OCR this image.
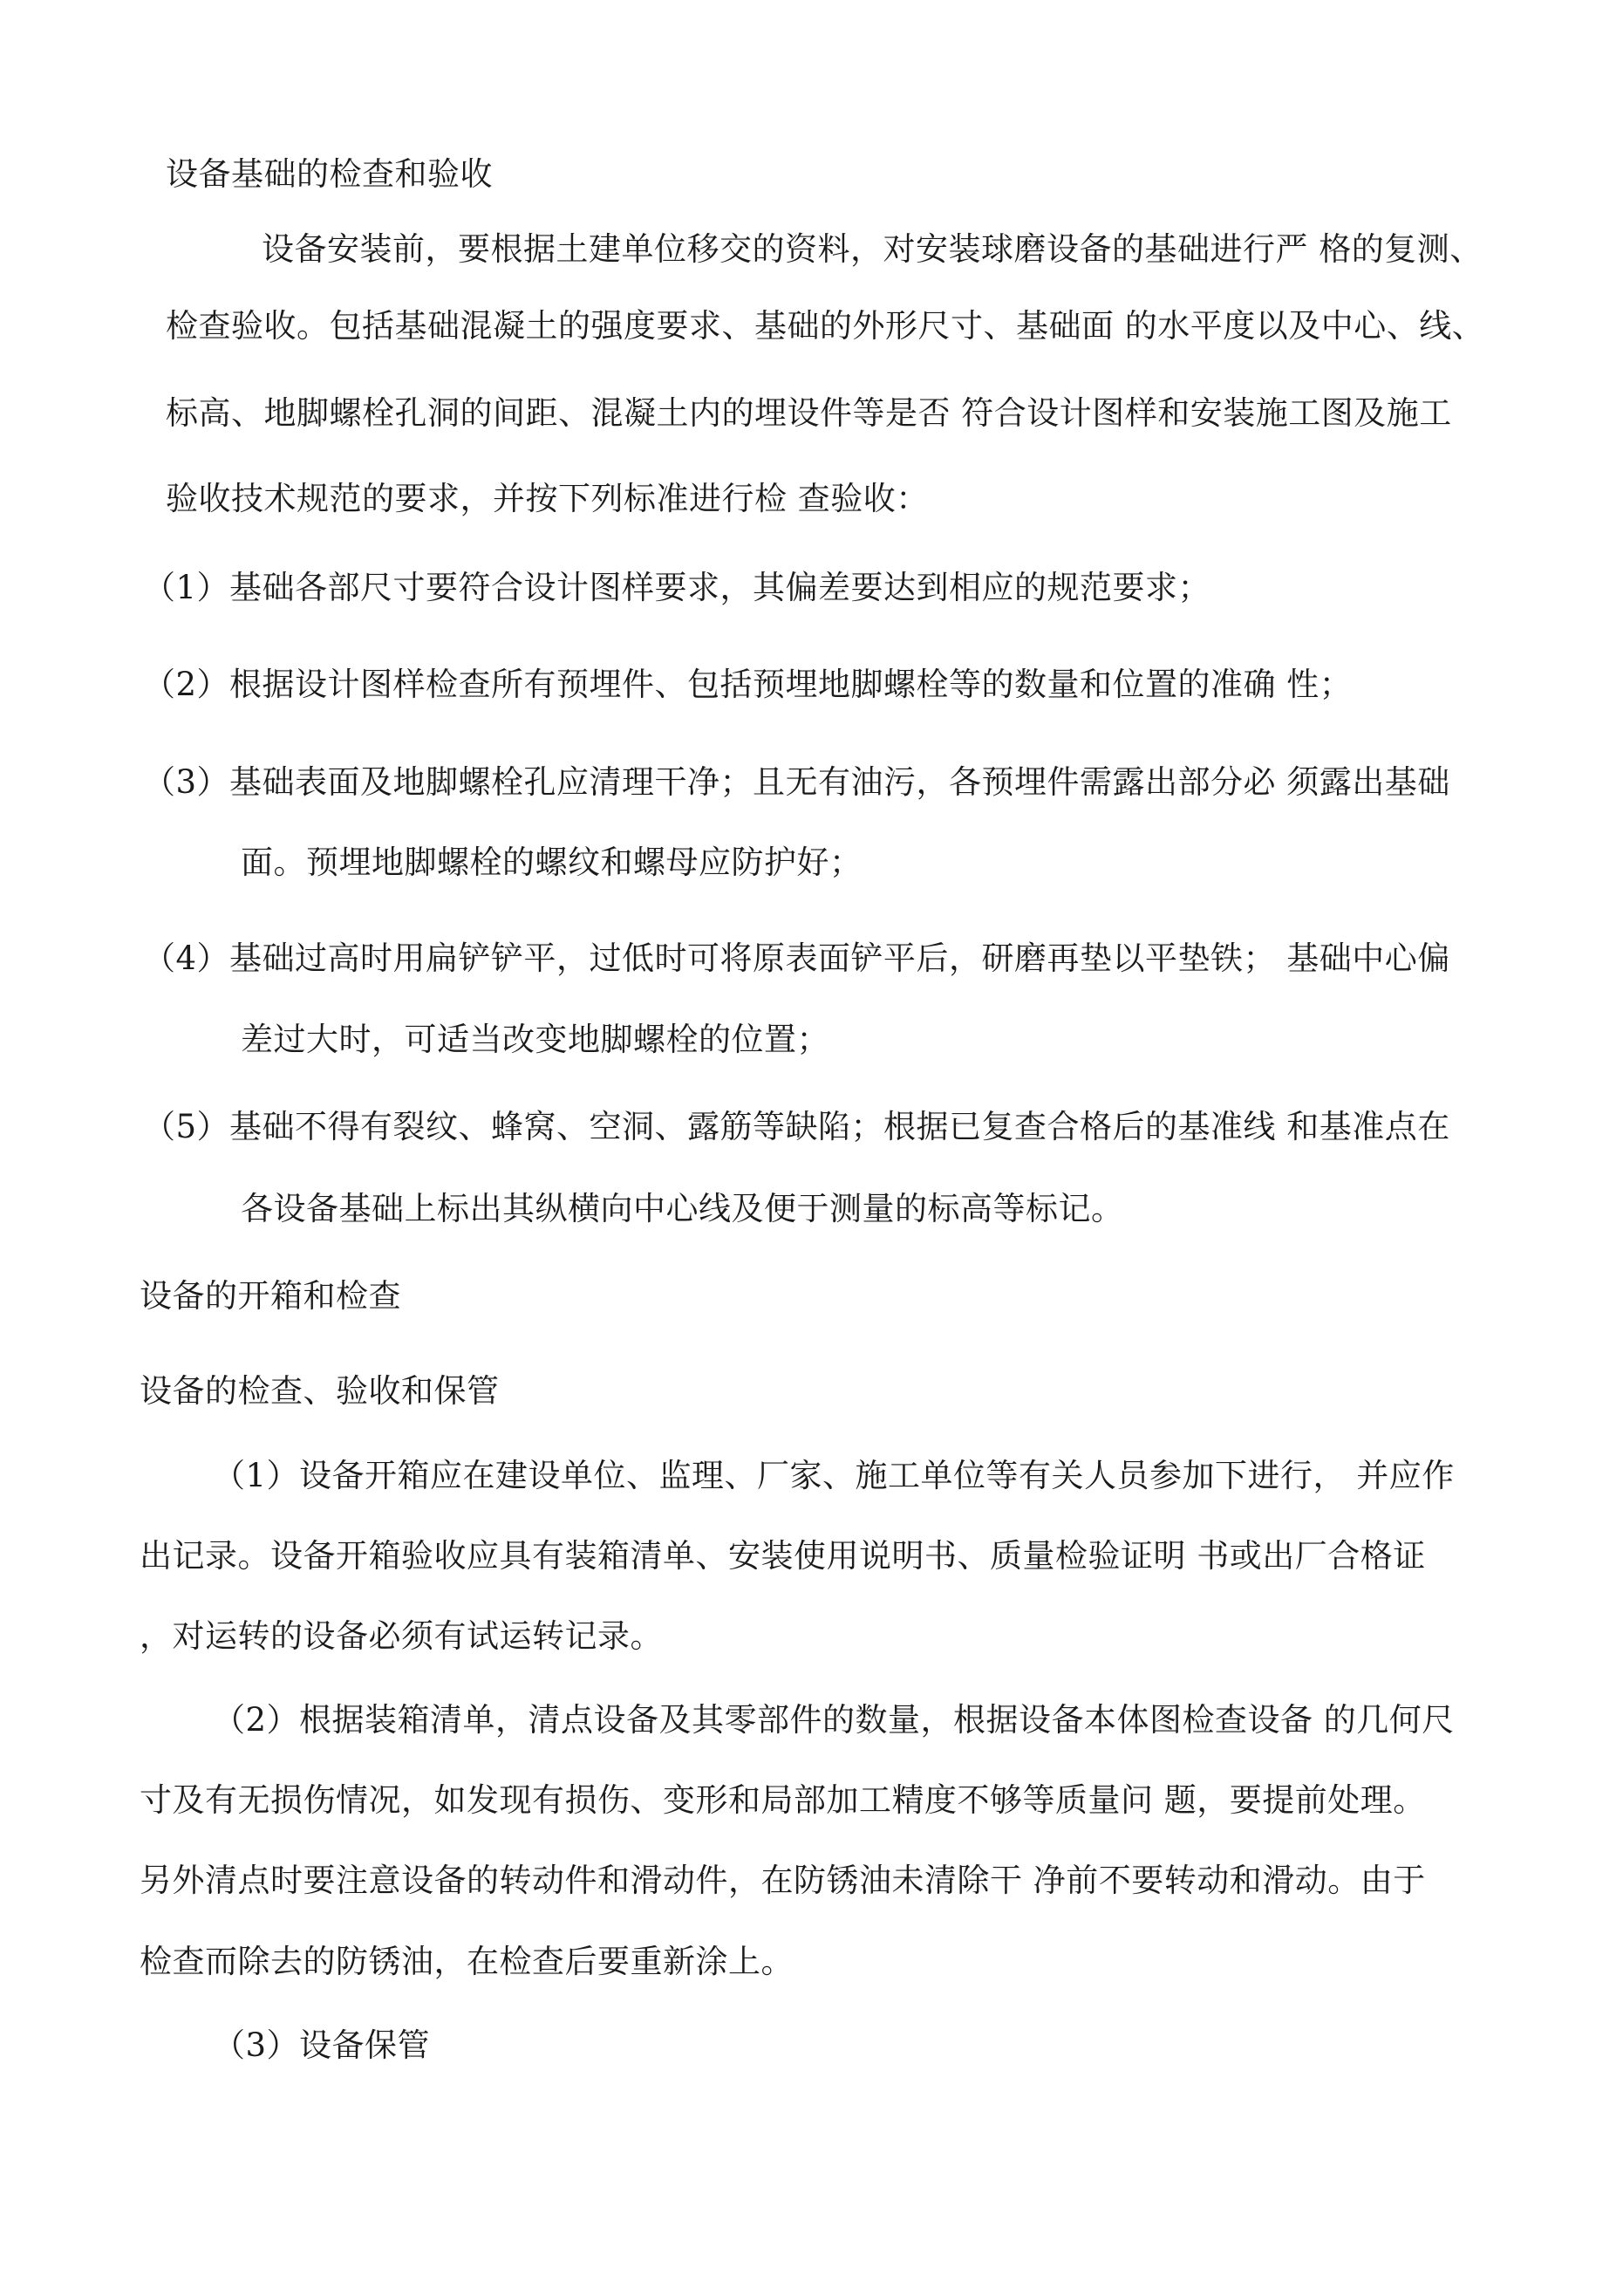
设备基础的检查和验收
设备安装前，要根据土建单位移交的资料，对安装球磨设备的基础进行严 格的复测、
检查验收。包括基础混凝土的强度要求、基础的外形尺寸、基础面 的水平度以及中心、线、
标高、地脚螺栓孔洞的间距、混凝土内的埋设件等是否 符合设计图样和安装施工图及施工
验收技术规范的要求，并按下列标准进行检 查验收：
（1）基础各部尺寸要符合设计图样要求，其偏差要达到相应的规范要求；
（2）根据设计图样检查所有预埋件、包括预埋地脚螺栓等的数量和位置的准确 性；
（3）基础表面及地脚螺栓孔应清理干净；且无有油污，各预埋件需露出部分必 须露出基础
面。预埋地脚螺栓的螺纹和螺母应防护好；
（4）基础过高时用扁铲铲平，过低时可将原表面铲平后，研磨再垫以平垫铁； 基础中心偏
差过大时，可适当改变地脚螺栓的位置；
（5）基础不得有裂纹、蜂窝、空洞、露筋等缺陷；根据已复查合格后的基准线 和基准点在
各设备基础上标出其纵横向中心线及便于测量的标高等标记。
设备的开箱和检查
设备的检查、验收和保管
（1）设备开箱应在建设单位、监理、厂家、施工单位等有关人员参加下进行， 并应作
出记录。设备开箱验收应具有装箱清单、安装使用说明书、质量检验证明 书或出厂合格证
，对运转的设备必须有试运转记录。
（2）根据装箱清单，清点设备及其零部件的数量，根据设备本体图检查设备 的几何尺
寸及有无损伤情况，如发现有损伤、变形和局部加工精度不够等质量问 题，要提前处理。
另外清点时要注意设备的转动件和滑动件，在防锈油未清除干 净前不要转动和滑动。由于
检查而除去的防锈油，在检查后要重新涂上。
（3）设备保管
